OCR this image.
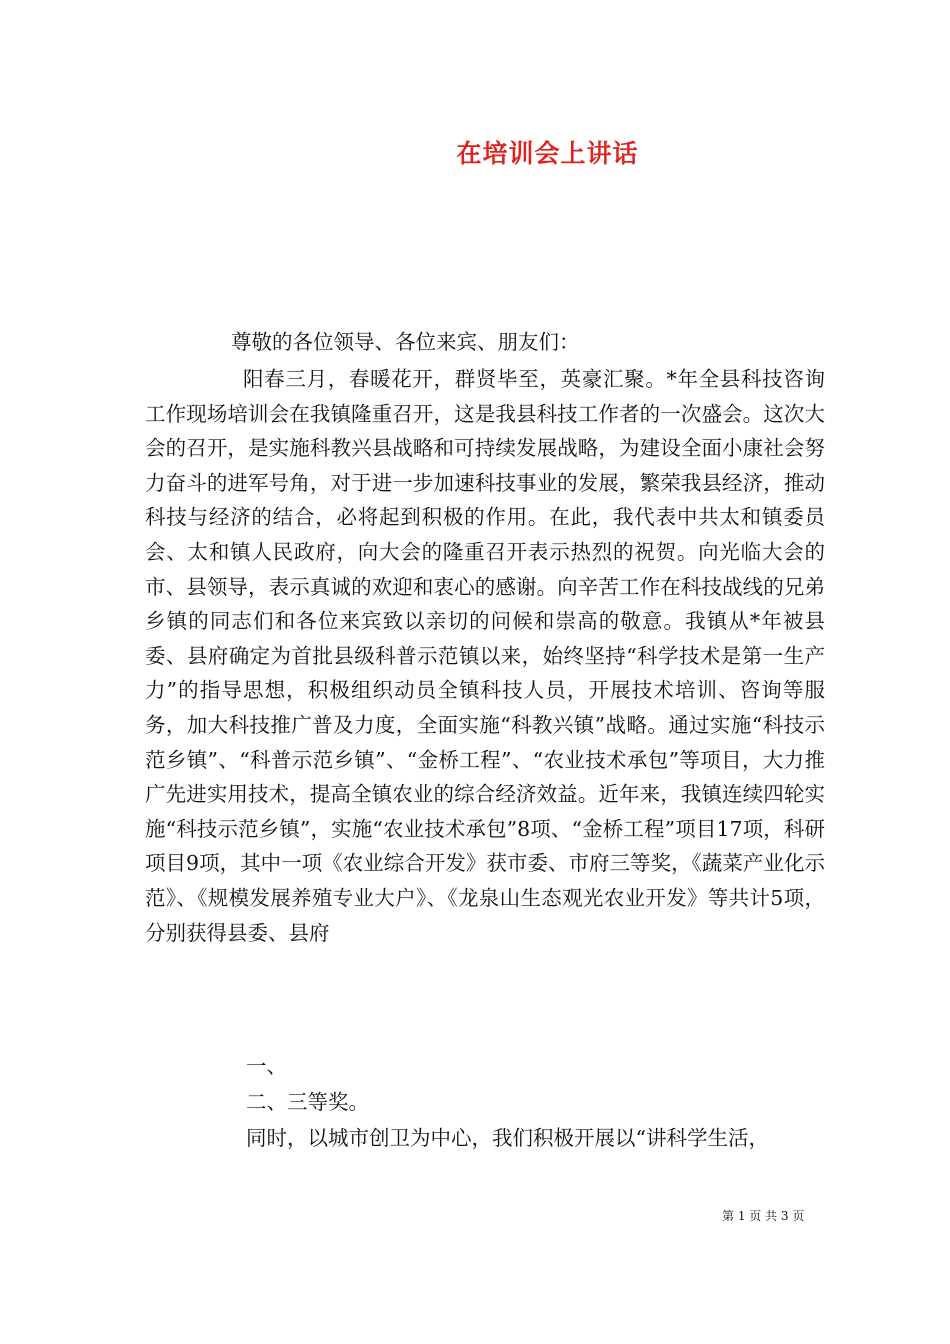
在培训会上讲话
尊敬的各位领导、各位来宾、朋友们：

阳春三月，春暖花开，群贤毕至，英豪汇聚。*年全县科技咨询工作现场培训会在我镇隆重召开，这是我县科技工作者的一次盛会。这次大会的召开，是实施科教兴县战略和可持续发展战略，为建设全面小康社会努力奋斗的进军号角，对于进一步加速科技事业的发展，繁荣我县经济，推动科技与经济的结合，必将起到积极的作用。在此，我代表中共太和镇委员会、太和镇人民政府，向大会的隆重召开表示热烈的祝贺。向光临大会的市、县领导，表示真诚的欢迎和衷心的感谢。向辛苦工作在科技战线的兄弟乡镇的同志们和各位来宾致以亲切的问候和崇高的敬意。我镇从*年被县委、县府确定为首批县级科普示范镇以来，始终坚持“科学技术是第一生产力”的指导思想，积极组织动员全镇科技人员，开展技术培训、咨询等服务，加大科技推广普及力度，全面实施“科教兴镇”战略。通过实施“科技示范乡镇”、“科普示范乡镇”、“金桥工程”、“农业技术承包”等项目，大力推广先进实用技术，提高全镇农业的综合经济效益。近年来，我镇连续四轮实施“科技示范乡镇”，实施“农业技术承包”8项、“金桥工程”项目17项，科研项目9项，其中一项《农业综合开发》获市委、市府三等奖，《蔬菜产业化示范》、《规模发展养殖专业大户》、《龙泉山生态观光农业开发》等共计5项，分别获得县委、县府

一、
二、三等奖。
同时，以城市创卫为中心，我们积极开展以“讲科学生活，
第 1 页 共 3 页
